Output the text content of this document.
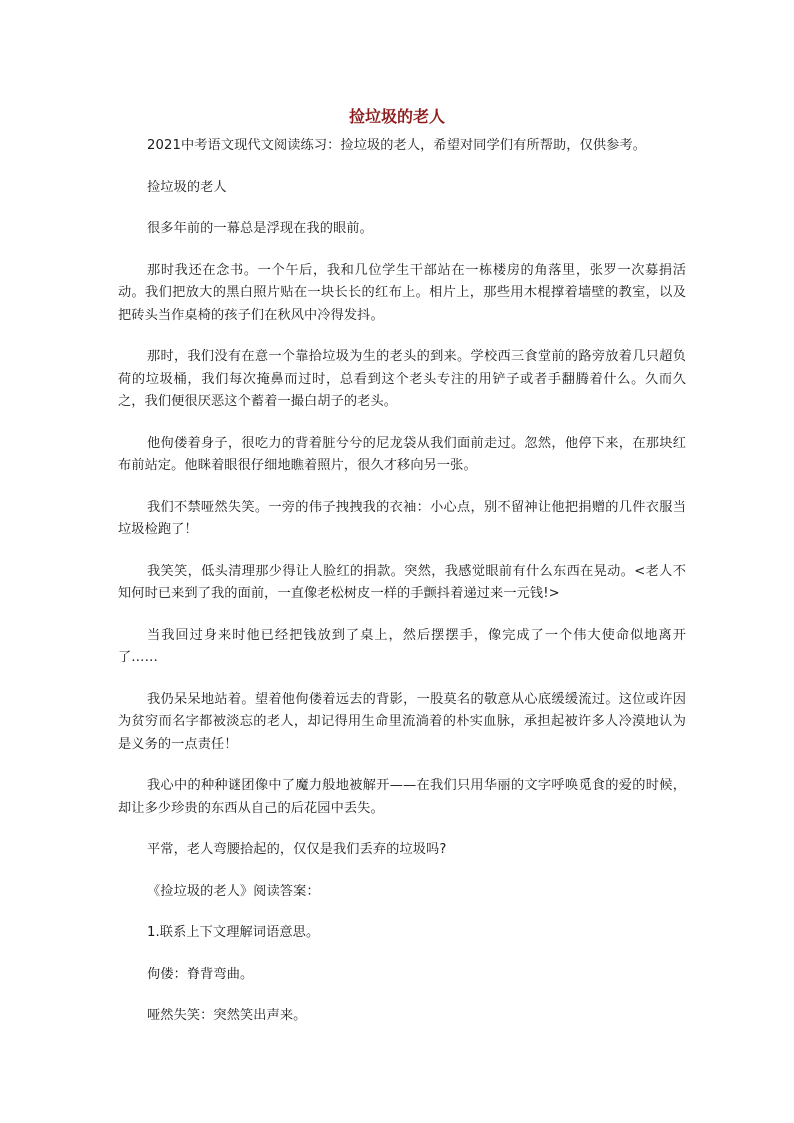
捡垃圾的老人

2021中考语文现代文阅读练习：捡垃圾的老人，希望对同学们有所帮助，仅供参考。

捡垃圾的老人

很多年前的一幕总是浮现在我的眼前。

那时我还在念书。一个午后，我和几位学生干部站在一栋楼房的角落里，张罗一次募捐活动。我们把放大的黑白照片贴在一块长长的红布上。相片上，那些用木棍撑着墙壁的教室，以及把砖头当作桌椅的孩子们在秋风中冷得发抖。

那时，我们没有在意一个靠拾垃圾为生的老头的到来。学校西三食堂前的路旁放着几只超负荷的垃圾桶，我们每次掩鼻而过时，总看到这个老头专注的用铲子或者手翻腾着什么。久而久之，我们便很厌恶这个蓄着一撮白胡子的老头。

他佝偻着身子，很吃力的背着脏兮兮的尼龙袋从我们面前走过。忽然，他停下来，在那块红布前站定。他眯着眼很仔细地瞧着照片，很久才移向另一张。

我们不禁哑然失笑。一旁的伟子拽拽我的衣袖：小心点，别不留神让他把捐赠的几件衣服当垃圾检跑了！

我笑笑，低头清理那少得让人脸红的捐款。突然，我感觉眼前有什么东西在晃动。<老人不知何时已来到了我的面前，一直像老松树皮一样的手颤抖着递过来一元钱!>

当我回过身来时他已经把钱放到了桌上，然后摆摆手，像完成了一个伟大使命似地离开了……

我仍呆呆地站着。望着他佝偻着远去的背影，一股莫名的敬意从心底缓缓流过。这位或许因为贫穷而名字都被淡忘的老人，却记得用生命里流淌着的朴实血脉，承担起被许多人冷漠地认为是义务的一点责任！

我心中的种种谜团像中了魔力般地被解开——在我们只用华丽的文字呼唤觅食的爱的时候，却让多少珍贵的东西从自己的后花园中丢失。

平常，老人弯腰拾起的，仅仅是我们丢弃的垃圾吗?

《捡垃圾的老人》阅读答案：

1.联系上下文理解词语意思。

佝偻：脊背弯曲。

哑然失笑：突然笑出声来。
